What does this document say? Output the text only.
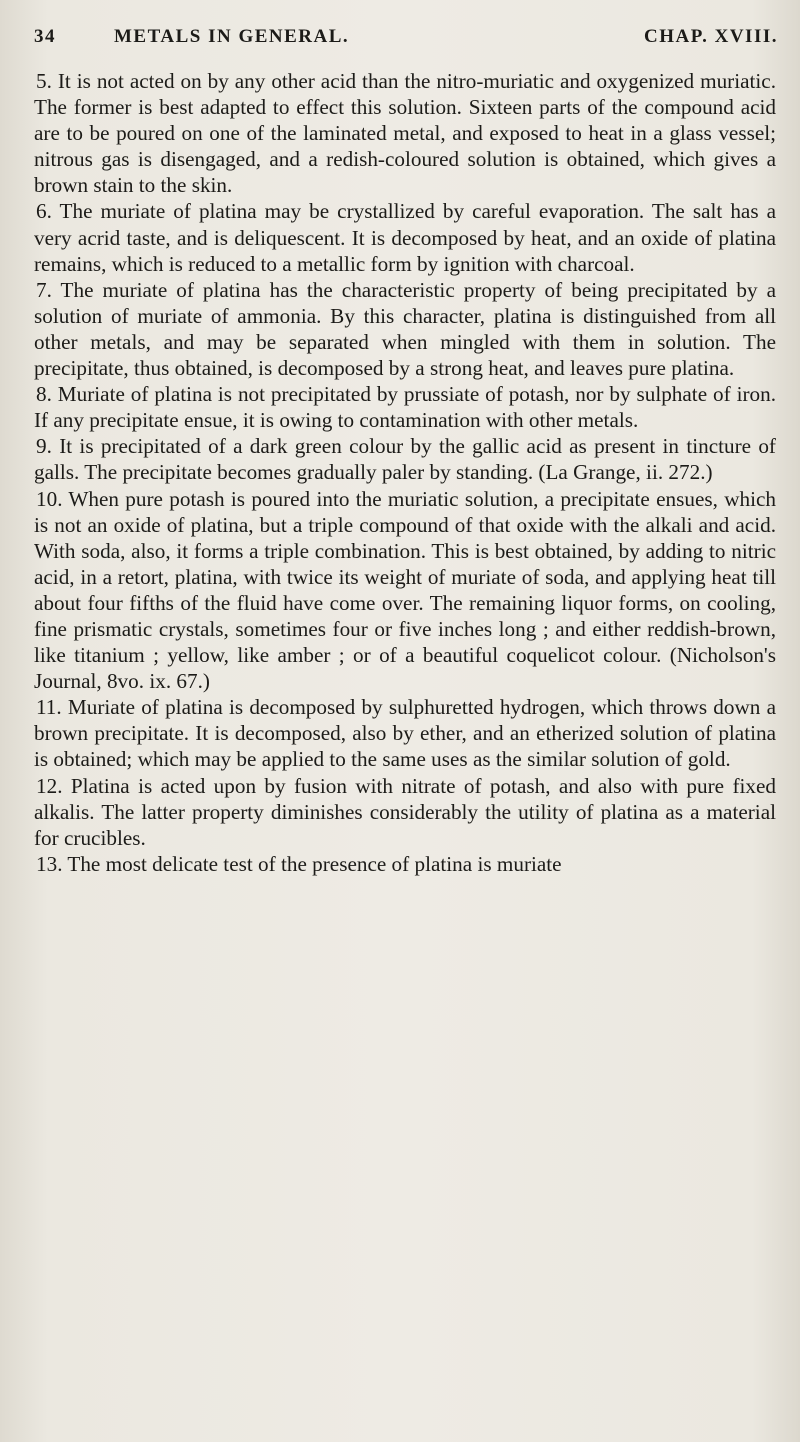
34	METALS IN GENERAL.	CHAP. XVIII.

5. It is not acted on by any other acid than the nitro-muriatic and oxygenized muriatic. The former is best adapted to effect this solution. Sixteen parts of the compound acid are to be poured on one of the laminated metal, and exposed to heat in a glass vessel; nitrous gas is disengaged, and a redish-coloured solution is obtained, which gives a brown stain to the skin.

6. The muriate of platina may be crystallized by careful evaporation. The salt has a very acrid taste, and is deliquescent. It is decomposed by heat, and an oxide of platina remains, which is reduced to a metallic form by ignition with charcoal.

7. The muriate of platina has the characteristic property of being precipitated by a solution of muriate of ammonia. By this character, platina is distinguished from all other metals, and may be separated when mingled with them in solution. The precipitate, thus obtained, is decomposed by a strong heat, and leaves pure platina.

8. Muriate of platina is not precipitated by prussiate of potash, nor by sulphate of iron. If any precipitate ensue, it is owing to contamination with other metals.

9. It is precipitated of a dark green colour by the gallic acid as present in tincture of galls. The precipitate becomes gradually paler by standing. (La Grange, ii. 272.)

10. When pure potash is poured into the muriatic solution, a precipitate ensues, which is not an oxide of platina, but a triple compound of that oxide with the alkali and acid. With soda, also, it forms a triple combination. This is best obtained, by adding to nitric acid, in a retort, platina, with twice its weight of muriate of soda, and applying heat till about four fifths of the fluid have come over. The remaining liquor forms, on cooling, fine prismatic crystals, sometimes four or five inches long ; and either reddish-brown, like titanium ; yellow, like amber ; or of a beautiful coquelicot colour. (Nicholson's Journal, 8vo. ix. 67.)

11. Muriate of platina is decomposed by sulphuretted hydrogen, which throws down a brown precipitate. It is decomposed, also by ether, and an etherized solution of platina is obtained; which may be applied to the same uses as the similar solution of gold.

12. Platina is acted upon by fusion with nitrate of potash, and also with pure fixed alkalis. The latter property diminishes considerably the utility of platina as a material for crucibles.

13. The most delicate test of the presence of platina is muriate
